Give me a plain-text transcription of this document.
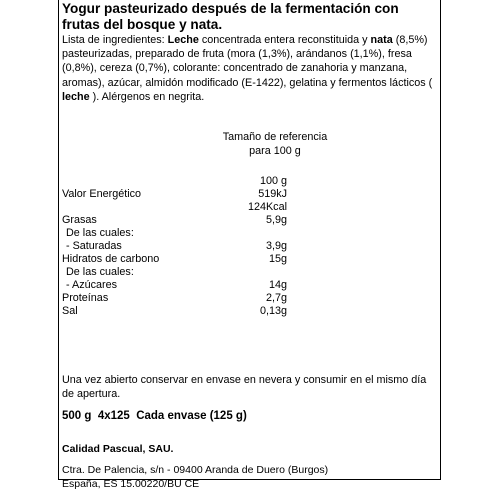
Yogur pasteurizado después de la fermentación con frutas del bosque y nata.
Lista de ingredientes: Leche concentrada entera reconstituida y nata (8,5%) pasteurizadas, preparado de fruta (mora (1,3%), arándanos (1,1%), fresa (0,8%), cereza (0,7%), colorante: concentrado de zanahoria y manzana, aromas), azúcar, almidón modificado (E-1422), gelatina y fermentos lácticos ( leche ). Alérgenos en negrita.
Tamaño de referencia
para 100 g
100 g
Valor Energético	519kJ
124Kcal
Grasas	5,9g
De las cuales:
- Saturadas	3,9g
Hidratos de carbono	15g
De las cuales:
- Azúcares	14g
Proteínas	2,7g
Sal	0,13g
Una vez abierto conservar en envase en nevera y consumir en el mismo día de apertura.
500 g 4x125 Cada envase (125 g)
Calidad Pascual, SAU.
Ctra. De Palencia, s/n - 09400 Aranda de Duero (Burgos)
España, ES 15.00220/BU CE
